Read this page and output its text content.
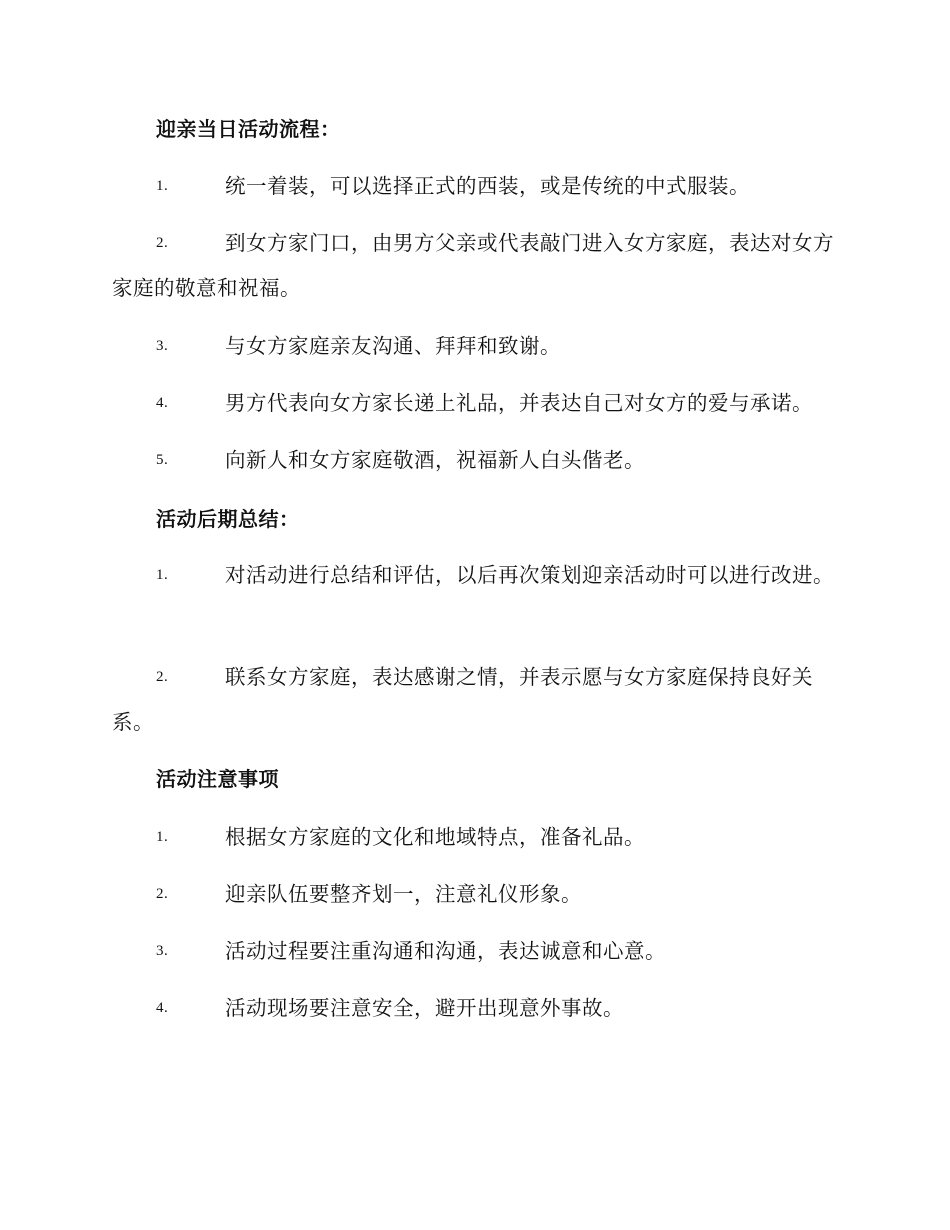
迎亲当日活动流程：
1.	统一着装，可以选择正式的西装，或是传统的中式服装。
2.	到女方家门口，由男方父亲或代表敲门进入女方家庭，表达对女方家庭的敬意和祝福。
3.	与女方家庭亲友沟通、拜拜和致谢。
4.	男方代表向女方家长递上礼品，并表达自己对女方的爱与承诺。
5.	向新人和女方家庭敬酒，祝福新人白头偕老。
活动后期总结：
1.	对活动进行总结和评估，以后再次策划迎亲活动时可以进行改进。
2.	联系女方家庭，表达感谢之情，并表示愿与女方家庭保持良好关系。
活动注意事项
1.	根据女方家庭的文化和地域特点，准备礼品。
2.	迎亲队伍要整齐划一，注意礼仪形象。
3.	活动过程要注重沟通和沟通，表达诚意和心意。
4.	活动现场要注意安全，避开出现意外事故。
